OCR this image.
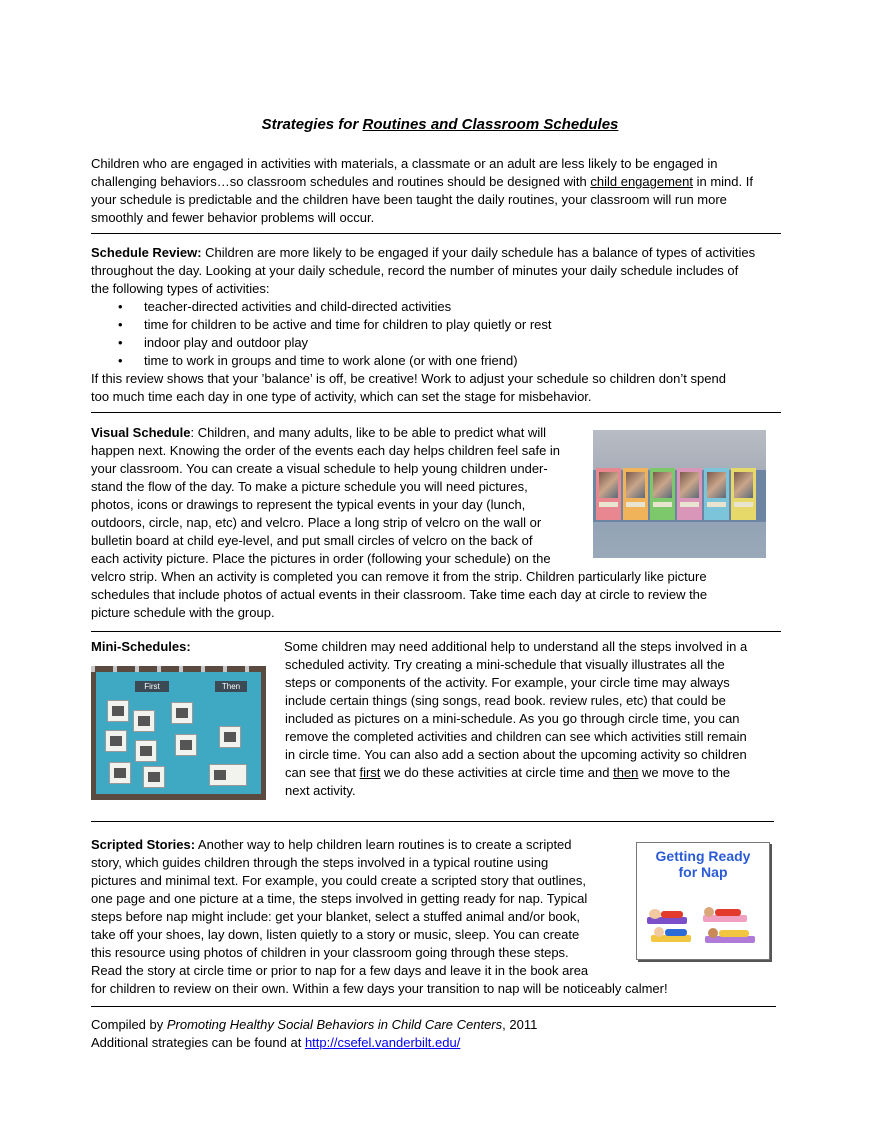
Strategies for Routines and Classroom Schedules
Children who are engaged in activities with materials, a classmate or an adult are less likely to be engaged in
challenging behaviors…so classroom schedules and routines should be designed with child engagement in mind. If
your schedule is predictable and the children have been taught the daily routines, your classroom will run more
smoothly and fewer behavior problems will occur.
Schedule Review: Children are more likely to be engaged if your daily schedule has a balance of types of activities
throughout the day. Looking at your daily schedule, record the number of minutes your daily schedule includes of
the following types of activities:
• teacher-directed activities and child-directed activities
• time for children to be active and time for children to play quietly or rest
• indoor play and outdoor play
• time to work in groups and time to work alone (or with one friend)
If this review shows that your ’balance’ is off, be creative! Work to adjust your schedule so children don’t spend
too much time each day in one type of activity, which can set the stage for misbehavior.
Visual Schedule: Children, and many adults, like to be able to predict what will
happen next. Knowing the order of the events each day helps children feel safe in
your classroom. You can create a visual schedule to help young children under-
stand the flow of the day. To make a picture schedule you will need pictures,
photos, icons or drawings to represent the typical events in your day (lunch,
outdoors, circle, nap, etc) and velcro. Place a long strip of velcro on the wall or
bulletin board at child eye-level, and put small circles of velcro on the back of
each activity picture. Place the pictures in order (following your schedule) on the
velcro strip. When an activity is completed you can remove it from the strip. Children particularly like picture
schedules that include photos of actual events in their classroom. Take time each day at circle to review the
picture schedule with the group.
Mini-Schedules:
First	Then
Some children may need additional help to understand all the steps involved in a
scheduled activity. Try creating a mini-schedule that visually illustrates all the
steps or components of the activity. For example, your circle time may always
include certain things (sing songs, read book. review rules, etc) that could be
included as pictures on a mini-schedule. As you go through circle time, you can
remove the completed activities and children can see which activities still remain
in circle time. You can also add a section about the upcoming activity so children
can see that first we do these activities at circle time and then we move to the
next activity.
Scripted Stories: Another way to help children learn routines is to create a scripted
story, which guides children through the steps involved in a typical routine using
pictures and minimal text. For example, you could create a scripted story that outlines,
one page and one picture at a time, the steps involved in getting ready for nap. Typical
steps before nap might include: get your blanket, select a stuffed animal and/or book,
take off your shoes, lay down, listen quietly to a story or music, sleep. You can create
this resource using photos of children in your classroom going through these steps.
Read the story at circle time or prior to nap for a few days and leave it in the book area
for children to review on their own. Within a few days your transition to nap will be noticeably calmer!
Getting Ready
for Nap
Compiled by Promoting Healthy Social Behaviors in Child Care Centers, 2011
Additional strategies can be found at http://csefel.vanderbilt.edu/
